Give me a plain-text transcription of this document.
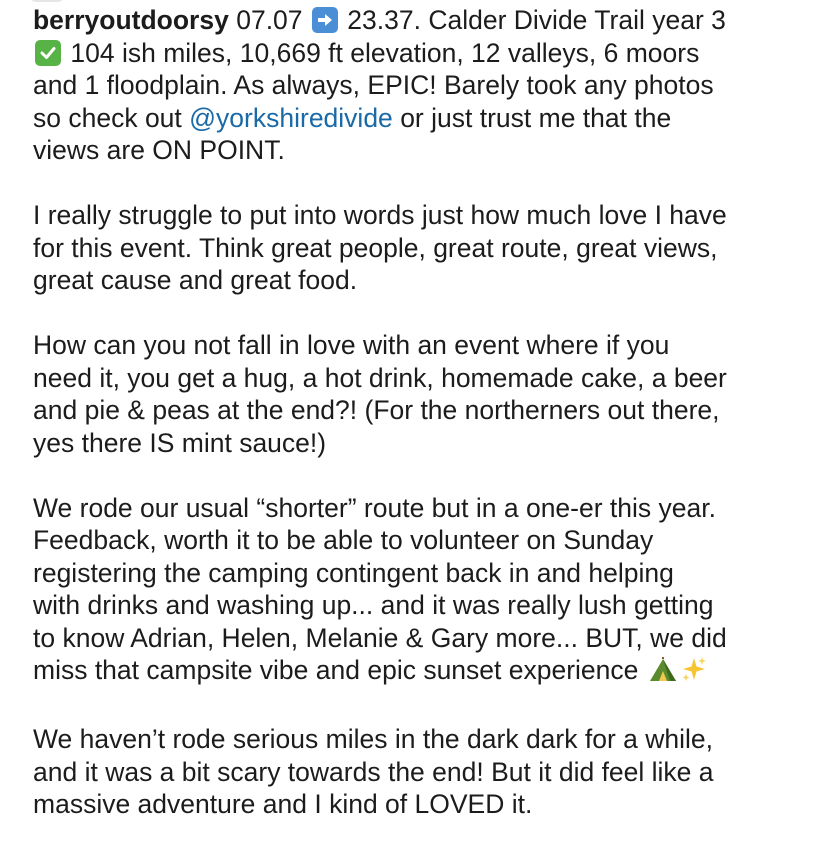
berryoutdoorsy 07.07 23.37. Calder Divide Trail year 3

104 ish miles, 10,669 ft elevation, 12 valleys, 6 moors
and 1 floodplain. As always, EPIC! Barely took any photos
so check out @yorkshiredivide or just trust me that the
views are ON POINT.

I really struggle to put into words just how much love I have
for this event. Think great people, great route, great views,
great cause and great food.

How can you not fall in love with an event where if you
need it, you get a hug, a hot drink, homemade cake, a beer
and pie & peas at the end?! (For the northerners out there,
yes there IS mint sauce!)

We rode our usual “shorter” route but in a one-er this year.
Feedback, worth it to be able to volunteer on Sunday
registering the camping contingent back in and helping
with drinks and washing up... and it was really lush getting
to know Adrian, Helen, Melanie & Gary more... BUT, we did
miss that campsite vibe and epic sunset experience

We haven’t rode serious miles in the dark dark for a while,
and it was a bit scary towards the end! But it did feel like a
massive adventure and I kind of LOVED it.
